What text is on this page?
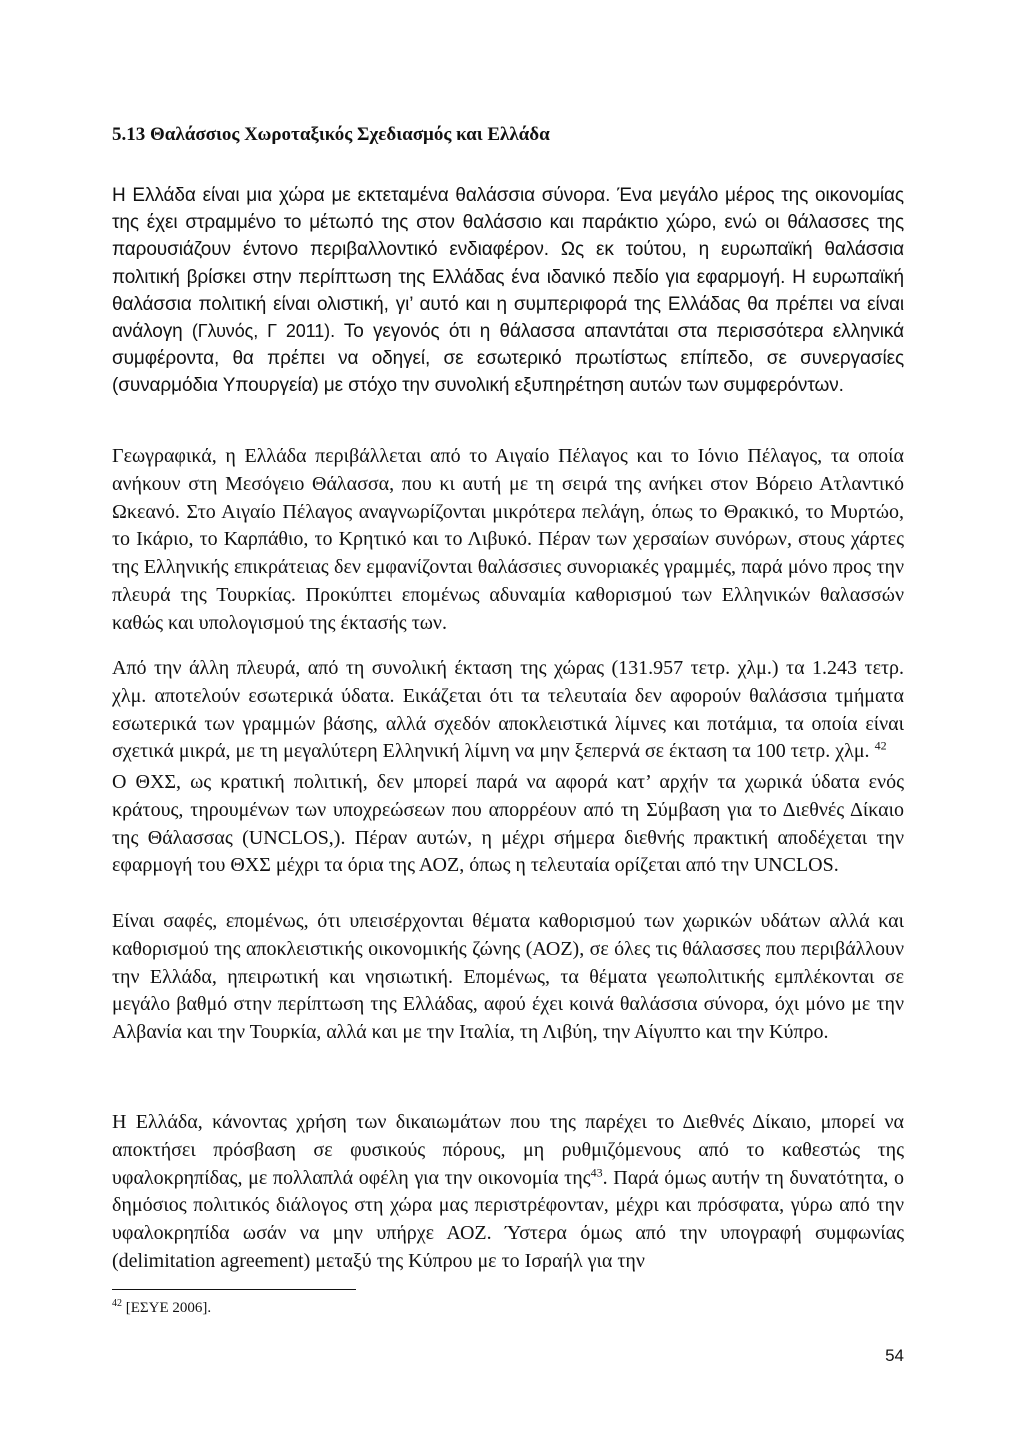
5.13 Θαλάσσιος Χωροταξικός Σχεδιασμός και Ελλάδα

Η Ελλάδα είναι μια χώρα με εκτεταμένα θαλάσσια σύνορα. Ένα μεγάλο μέρος της οικονομίας της έχει στραμμένο το μέτωπό της στον θαλάσσιο και παράκτιο χώρο, ενώ οι θάλασσες της παρουσιάζουν έντονο περιβαλλοντικό ενδιαφέρον. Ως εκ τούτου, η ευρωπαϊκή θαλάσσια πολιτική βρίσκει στην περίπτωση της Ελλάδας ένα ιδανικό πεδίο για εφαρμογή. Η ευρωπαϊκή θαλάσσια πολιτική είναι ολιστική, γι’ αυτό και η συμπεριφορά της Ελλάδας θα πρέπει να είναι ανάλογη (Γλυνός, Γ 2011). Το γεγονός ότι η θάλασσα απαντάται στα περισσότερα ελληνικά συμφέροντα, θα πρέπει να οδηγεί, σε εσωτερικό πρωτίστως επίπεδο, σε συνεργασίες (συναρμόδια Υπουργεία) με στόχο την συνολική εξυπηρέτηση αυτών των συμφερόντων.

Γεωγραφικά, η Ελλάδα περιβάλλεται από το Αιγαίο Πέλαγος και το Ιόνιο Πέλαγος, τα οποία ανήκουν στη Μεσόγειο Θάλασσα, που κι αυτή με τη σειρά της ανήκει στον Βόρειο Ατλαντικό Ωκεανό. Στο Αιγαίο Πέλαγος αναγνωρίζονται μικρότερα πελάγη, όπως το Θρακικό, το Μυρτώο, το Ικάριο, το Καρπάθιο, το Κρητικό και το Λιβυκό. Πέραν των χερσαίων συνόρων, στους χάρτες της Ελληνικής επικράτειας δεν εμφανίζονται θαλάσσιες συνοριακές γραμμές, παρά μόνο προς την πλευρά της Τουρκίας. Προκύπτει επομένως αδυναμία καθορισμού των Ελληνικών θαλασσών καθώς και υπολογισμού της έκτασής των.

Από την άλλη πλευρά, από τη συνολική έκταση της χώρας (131.957 τετρ. χλμ.) τα 1.243 τετρ. χλμ. αποτελούν εσωτερικά ύδατα. Εικάζεται ότι τα τελευταία δεν αφορούν θαλάσσια τμήματα εσωτερικά των γραμμών βάσης, αλλά σχεδόν αποκλειστικά λίμνες και ποτάμια, τα οποία είναι σχετικά μικρά, με τη μεγαλύτερη Ελληνική λίμνη να μην ξεπερνά σε έκταση τα 100 τετρ. χλμ. $^{42}$

Ο ΘΧΣ, ως κρατική πολιτική, δεν μπορεί παρά να αφορά κατ’ αρχήν τα χωρικά ύδατα ενός κράτους, τηρουμένων των υποχρεώσεων που απορρέουν από τη Σύμβαση για το Διεθνές Δίκαιο της Θάλασσας (UNCLOS,). Πέραν αυτών, η μέχρι σήμερα διεθνής πρακτική αποδέχεται την εφαρμογή του ΘΧΣ μέχρι τα όρια της ΑΟΖ, όπως η τελευταία ορίζεται από την UNCLOS.

Είναι σαφές, επομένως, ότι υπεισέρχονται θέματα καθορισμού των χωρικών υδάτων αλλά και καθορισμού της αποκλειστικής οικονομικής ζώνης (ΑΟΖ), σε όλες τις θάλασσες που περιβάλλουν την Ελλάδα, ηπειρωτική και νησιωτική. Επομένως, τα θέματα γεωπολιτικής εμπλέκονται σε μεγάλο βαθμό στην περίπτωση της Ελλάδας, αφού έχει κοινά θαλάσσια σύνορα, όχι μόνο με την Αλβανία και την Τουρκία, αλλά και με την Ιταλία, τη Λιβύη, την Αίγυπτο και την Κύπρο.

Η Ελλάδα, κάνοντας χρήση των δικαιωμάτων που της παρέχει το Διεθνές Δίκαιο, μπορεί να αποκτήσει πρόσβαση σε φυσικούς πόρους, μη ρυθμιζόμενους από το καθεστώς της υφαλοκρηπίδας, με πολλαπλά οφέλη για την οικονομία της$^{43}$. Παρά όμως αυτήν τη δυνατότητα, ο δημόσιος πολιτικός διάλογος στη χώρα μας περιστρέφονταν, μέχρι και πρόσφατα, γύρω από την υφαλοκρηπίδα ωσάν να μην υπήρχε ΑΟΖ. Ύστερα όμως από την υπογραφή συμφωνίας (delimitation agreement) μεταξύ της Κύπρου με το Ισραήλ για την

$^{42}$ [ΕΣΥΕ 2006].

54
